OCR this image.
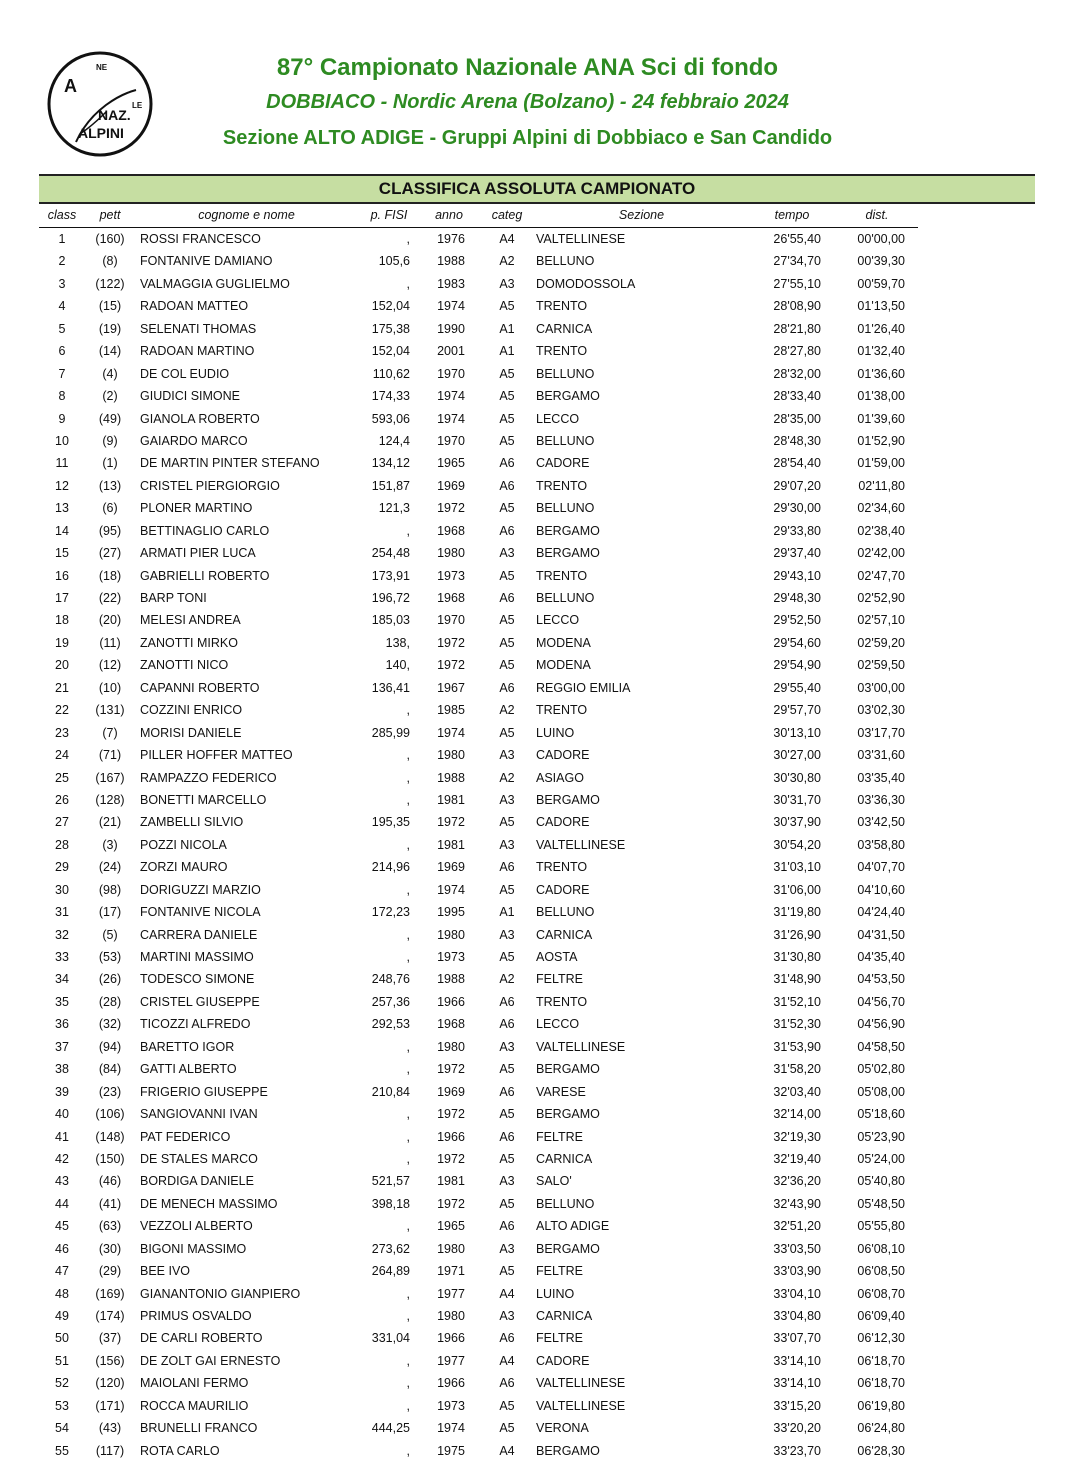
A
NE
NAZ.
LE
ALPINI
87° Campionato Nazionale ANA Sci di fondo
DOBBIACO - Nordic Arena (Bolzano) - 24 febbraio 2024
Sezione ALTO ADIGE - Gruppi Alpini di Dobbiaco e San Candido
CLASSIFICA ASSOLUTA CAMPIONATO
class	pett	cognome e nome	p. FISI	anno	categ	Sezione	tempo	dist.
1	(160)	ROSSI FRANCESCO	,	1976	A4	VALTELLINESE	26'55,40	00'00,00
2	(8)	FONTANIVE DAMIANO	105,6	1988	A2	BELLUNO	27'34,70	00'39,30
3	(122)	VALMAGGIA GUGLIELMO	,	1983	A3	DOMODOSSOLA	27'55,10	00'59,70
4	(15)	RADOAN MATTEO	152,04	1974	A5	TRENTO	28'08,90	01'13,50
5	(19)	SELENATI THOMAS	175,38	1990	A1	CARNICA	28'21,80	01'26,40
6	(14)	RADOAN MARTINO	152,04	2001	A1	TRENTO	28'27,80	01'32,40
7	(4)	DE COL EUDIO	110,62	1970	A5	BELLUNO	28'32,00	01'36,60
8	(2)	GIUDICI SIMONE	174,33	1974	A5	BERGAMO	28'33,40	01'38,00
9	(49)	GIANOLA ROBERTO	593,06	1974	A5	LECCO	28'35,00	01'39,60
10	(9)	GAIARDO MARCO	124,4	1970	A5	BELLUNO	28'48,30	01'52,90
11	(1)	DE MARTIN PINTER STEFANO	134,12	1965	A6	CADORE	28'54,40	01'59,00
12	(13)	CRISTEL PIERGIORGIO	151,87	1969	A6	TRENTO	29'07,20	02'11,80
13	(6)	PLONER MARTINO	121,3	1972	A5	BELLUNO	29'30,00	02'34,60
14	(95)	BETTINAGLIO CARLO	,	1968	A6	BERGAMO	29'33,80	02'38,40
15	(27)	ARMATI PIER LUCA	254,48	1980	A3	BERGAMO	29'37,40	02'42,00
16	(18)	GABRIELLI ROBERTO	173,91	1973	A5	TRENTO	29'43,10	02'47,70
17	(22)	BARP TONI	196,72	1968	A6	BELLUNO	29'48,30	02'52,90
18	(20)	MELESI ANDREA	185,03	1970	A5	LECCO	29'52,50	02'57,10
19	(11)	ZANOTTI MIRKO	138,	1972	A5	MODENA	29'54,60	02'59,20
20	(12)	ZANOTTI NICO	140,	1972	A5	MODENA	29'54,90	02'59,50
21	(10)	CAPANNI ROBERTO	136,41	1967	A6	REGGIO EMILIA	29'55,40	03'00,00
22	(131)	COZZINI ENRICO	,	1985	A2	TRENTO	29'57,70	03'02,30
23	(7)	MORISI DANIELE	285,99	1974	A5	LUINO	30'13,10	03'17,70
24	(71)	PILLER HOFFER MATTEO	,	1980	A3	CADORE	30'27,00	03'31,60
25	(167)	RAMPAZZO FEDERICO	,	1988	A2	ASIAGO	30'30,80	03'35,40
26	(128)	BONETTI MARCELLO	,	1981	A3	BERGAMO	30'31,70	03'36,30
27	(21)	ZAMBELLI SILVIO	195,35	1972	A5	CADORE	30'37,90	03'42,50
28	(3)	POZZI NICOLA	,	1981	A3	VALTELLINESE	30'54,20	03'58,80
29	(24)	ZORZI MAURO	214,96	1969	A6	TRENTO	31'03,10	04'07,70
30	(98)	DORIGUZZI MARZIO	,	1974	A5	CADORE	31'06,00	04'10,60
31	(17)	FONTANIVE NICOLA	172,23	1995	A1	BELLUNO	31'19,80	04'24,40
32	(5)	CARRERA DANIELE	,	1980	A3	CARNICA	31'26,90	04'31,50
33	(53)	MARTINI MASSIMO	,	1973	A5	AOSTA	31'30,80	04'35,40
34	(26)	TODESCO SIMONE	248,76	1988	A2	FELTRE	31'48,90	04'53,50
35	(28)	CRISTEL GIUSEPPE	257,36	1966	A6	TRENTO	31'52,10	04'56,70
36	(32)	TICOZZI ALFREDO	292,53	1968	A6	LECCO	31'52,30	04'56,90
37	(94)	BARETTO IGOR	,	1980	A3	VALTELLINESE	31'53,90	04'58,50
38	(84)	GATTI ALBERTO	,	1972	A5	BERGAMO	31'58,20	05'02,80
39	(23)	FRIGERIO GIUSEPPE	210,84	1969	A6	VARESE	32'03,40	05'08,00
40	(106)	SANGIOVANNI IVAN	,	1972	A5	BERGAMO	32'14,00	05'18,60
41	(148)	PAT FEDERICO	,	1966	A6	FELTRE	32'19,30	05'23,90
42	(150)	DE STALES MARCO	,	1972	A5	CARNICA	32'19,40	05'24,00
43	(46)	BORDIGA DANIELE	521,57	1981	A3	SALO'	32'36,20	05'40,80
44	(41)	DE MENECH MASSIMO	398,18	1972	A5	BELLUNO	32'43,90	05'48,50
45	(63)	VEZZOLI ALBERTO	,	1965	A6	ALTO ADIGE	32'51,20	05'55,80
46	(30)	BIGONI MASSIMO	273,62	1980	A3	BERGAMO	33'03,50	06'08,10
47	(29)	BEE IVO	264,89	1971	A5	FELTRE	33'03,90	06'08,50
48	(169)	GIANANTONIO GIANPIERO	,	1977	A4	LUINO	33'04,10	06'08,70
49	(174)	PRIMUS OSVALDO	,	1980	A3	CARNICA	33'04,80	06'09,40
50	(37)	DE CARLI ROBERTO	331,04	1966	A6	FELTRE	33'07,70	06'12,30
51	(156)	DE ZOLT GAI ERNESTO	,	1977	A4	CADORE	33'14,10	06'18,70
52	(120)	MAIOLANI FERMO	,	1966	A6	VALTELLINESE	33'14,10	06'18,70
53	(171)	ROCCA MAURILIO	,	1973	A5	VALTELLINESE	33'15,20	06'19,80
54	(43)	BRUNELLI FRANCO	444,25	1974	A5	VERONA	33'20,20	06'24,80
55	(117)	ROTA CARLO	,	1975	A4	BERGAMO	33'23,70	06'28,30
